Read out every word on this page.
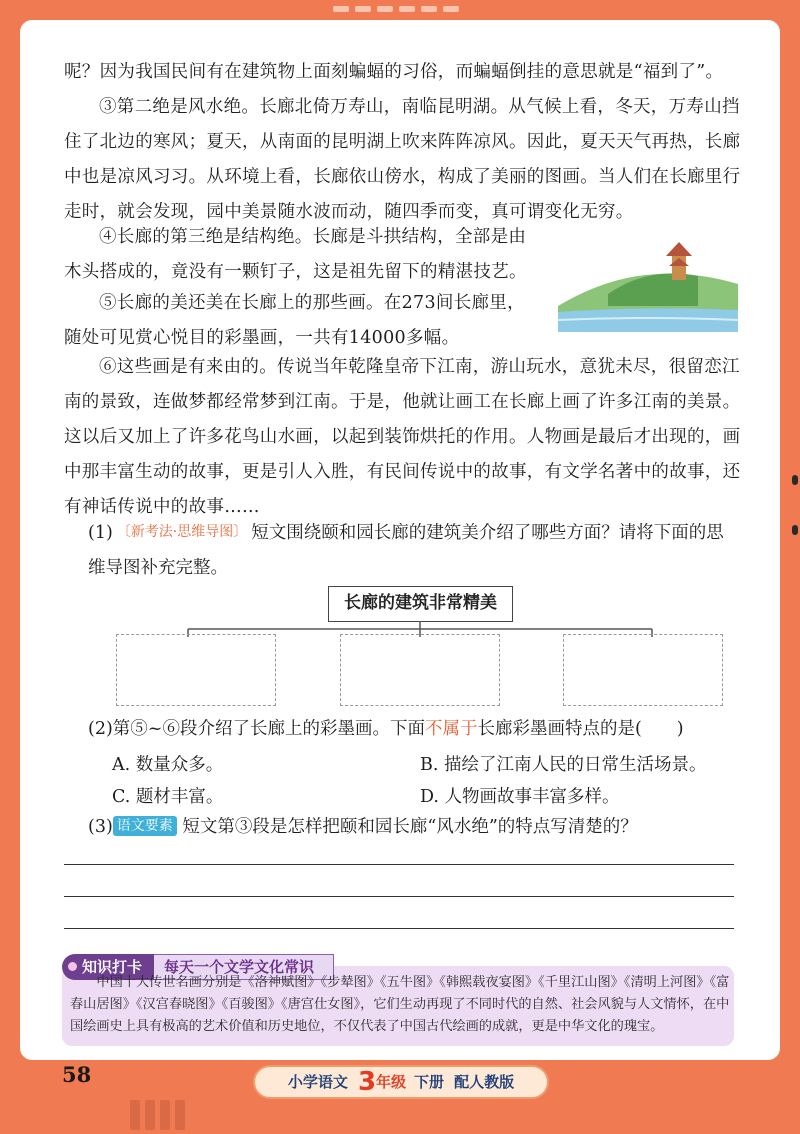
呢？因为我国民间有在建筑物上面刻蝙蝠的习俗，而蝙蝠倒挂的意思就是“福到了”。

③第二绝是风水绝。长廊北倚万寿山，南临昆明湖。从气候上看，冬天，万寿山挡住了北边的寒风；夏天，从南面的昆明湖上吹来阵阵凉风。因此，夏天天气再热，长廊中也是凉风习习。从环境上看，长廊依山傍水，构成了美丽的图画。当人们在长廊里行走时，就会发现，园中美景随水波而动，随四季而变，真可谓变化无穷。

④长廊的第三绝是结构绝。长廊是斗拱结构，全部是由木头搭成的，竟没有一颗钉子，这是祖先留下的精湛技艺。

⑤长廊的美还美在长廊上的那些画。在273间长廊里，随处可见赏心悦目的彩墨画，一共有14000多幅。

⑥这些画是有来由的。传说当年乾隆皇帝下江南，游山玩水，意犹未尽，很留恋江南的景致，连做梦都经常梦到江南。于是，他就让画工在长廊上画了许多江南的美景。这以后又加上了许多花鸟山水画，以起到装饰烘托的作用。人物画是最后才出现的，画中那丰富生动的故事，更是引人入胜，有民间传说中的故事，有文学名著中的故事，还有神话传说中的故事……

(1) 〔新考法·思维导图〕 短文围绕颐和园长廊的建筑美介绍了哪些方面？请将下面的思维导图补充完整。

长廊的建筑非常精美

(2)第⑤~⑥段介绍了长廊上的彩墨画。下面不属于长廊彩墨画特点的是(　　)

A. 数量众多。	B. 描绘了江南人民的日常生活场景。
C. 题材丰富。	D. 人物画故事丰富多样。

(3) 语文要素 短文第③段是怎样把颐和园长廊“风水绝”的特点写清楚的？

知识打卡	每天一个文学文化常识

中国十大传世名画分别是《洛神赋图》《步辇图》《五牛图》《韩熙载夜宴图》《千里江山图》《清明上河图》《富春山居图》《汉宫春晓图》《百骏图》《唐宫仕女图》，它们生动再现了不同时代的自然、社会风貌与人文情怀，在中国绘画史上具有极高的艺术价值和历史地位，不仅代表了中国古代绘画的成就，更是中华文化的瑰宝。

58	小学语文 3年级 下册 配人教版
